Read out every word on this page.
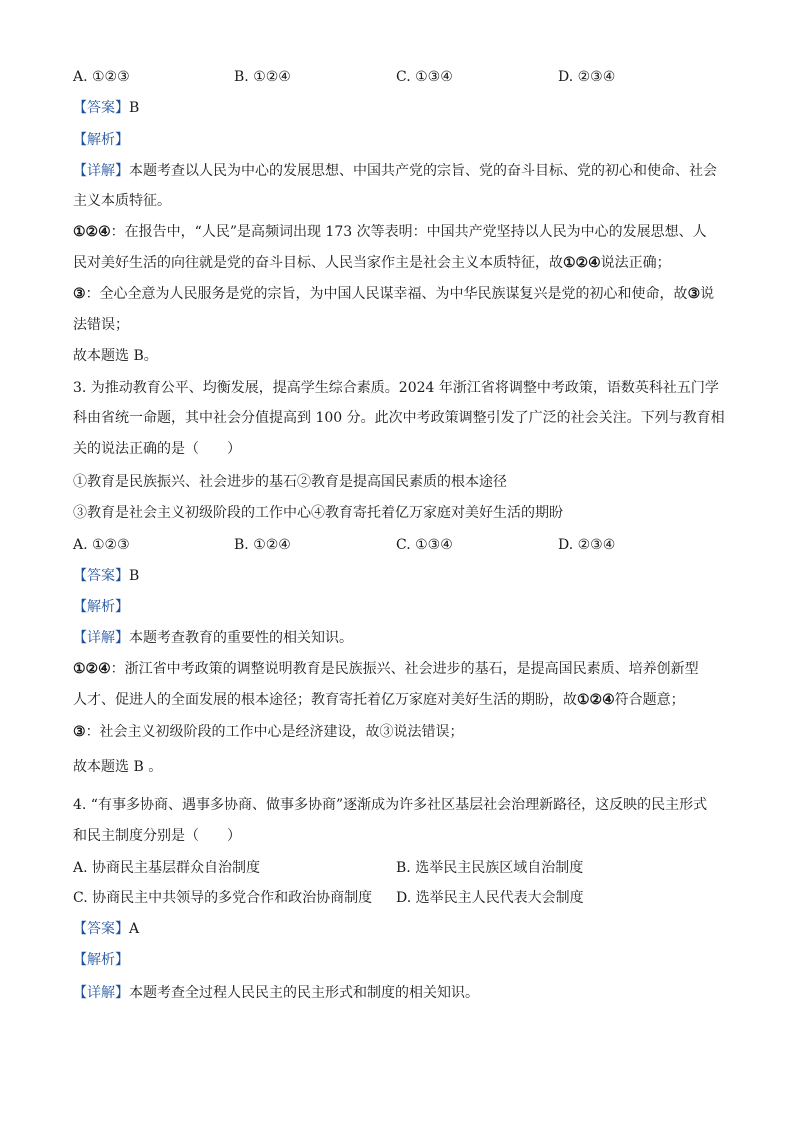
A. ①②③	B. ①②④	C. ①③④	D. ②③④
【答案】B
【解析】
【详解】本题考查以人民为中心的发展思想、中国共产党的宗旨、党的奋斗目标、党的初心和使命、社会
主义本质特征。
①②④：在报告中，“人民”是高频词出现 173 次等表明：中国共产党坚持以人民为中心的发展思想、人
民对美好生活的向往就是党的奋斗目标、人民当家作主是社会主义本质特征，故①②④说法正确；
③：全心全意为人民服务是党的宗旨，为中国人民谋幸福、为中华民族谋复兴是党的初心和使命，故③说
法错误；
故本题选 B。
3. 为推动教育公平、均衡发展，提高学生综合素质。2024 年浙江省将调整中考政策，语数英科社五门学
科由省统一命题，其中社会分值提高到 100 分。此次中考政策调整引发了广泛的社会关注。下列与教育相
关的说法正确的是（　　）
①教育是民族振兴、社会进步的基石②教育是提高国民素质的根本途径
③教育是社会主义初级阶段的工作中心④教育寄托着亿万家庭对美好生活的期盼
A. ①②③	B. ①②④	C. ①③④	D. ②③④
【答案】B
【解析】
【详解】本题考查教育的重要性的相关知识。
①②④：浙江省中考政策的调整说明教育是民族振兴、社会进步的基石，是提高国民素质、培养创新型
人才、促进人的全面发展的根本途径；教育寄托着亿万家庭对美好生活的期盼，故①②④符合题意；
③：社会主义初级阶段的工作中心是经济建设，故③说法错误；
故本题选 B 。
4. “有事多协商、遇事多协商、做事多协商”逐渐成为许多社区基层社会治理新路径，这反映的民主形式
和民主制度分别是（　　）
A. 协商民主基层群众自治制度	B. 选举民主民族区域自治制度
C. 协商民主中共领导的多党合作和政治协商制度 D. 选举民主人民代表大会制度
【答案】A
【解析】
【详解】本题考查全过程人民民主的民主形式和制度的相关知识。
